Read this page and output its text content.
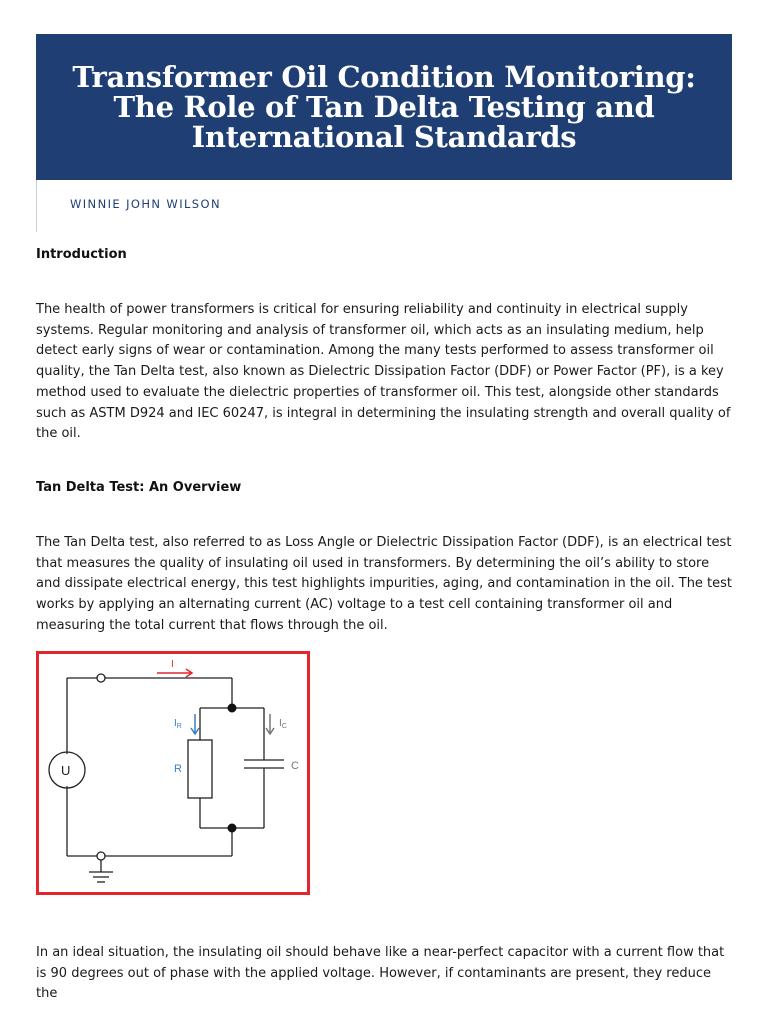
Transformer Oil Condition Monitoring: The Role of Tan Delta Testing and International Standards
WINNIE JOHN WILSON
Introduction

The health of power transformers is critical for ensuring reliability and continuity in electrical supply systems. Regular monitoring and analysis of transformer oil, which acts as an insulating medium, help detect early signs of wear or contamination. Among the many tests performed to assess transformer oil quality, the Tan Delta test, also known as Dielectric Dissipation Factor (DDF) or Power Factor (PF), is a key method used to evaluate the dielectric properties of transformer oil. This test, alongside other standards such as ASTM D924 and IEC 60247, is integral in determining the insulating strength and overall quality of the oil.

Tan Delta Test: An Overview

The Tan Delta test, also referred to as Loss Angle or Dielectric Dissipation Factor (DDF), is an electrical test that measures the quality of insulating oil used in transformers. By determining the oil’s ability to store and dissipate electrical energy, this test highlights impurities, aging, and contamination in the oil. The test works by applying an alternating current (AC) voltage to a test cell containing transformer oil and measuring the total current that flows through the oil.

I
$I_R$
R
$I_C$
C
U

In an ideal situation, the insulating oil should behave like a near-perfect capacitor with a current flow that is 90 degrees out of phase with the applied voltage. However, if contaminants are present, they reduce the
